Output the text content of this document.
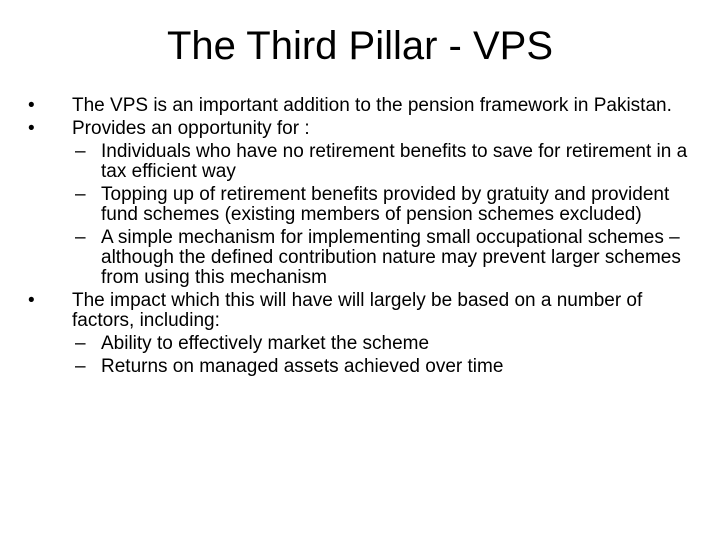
The Third Pillar - VPS
•	The VPS is an important addition to the pension framework in Pakistan.
•	Provides an opportunity for :
– Individuals who have no retirement benefits to save for retirement in a tax efficient way
– Topping up of retirement benefits provided by gratuity and provident fund schemes (existing members of pension schemes excluded)
– A simple mechanism for implementing small occupational schemes – although the defined contribution nature may prevent larger schemes from using this mechanism
•	The impact which this will have will largely be based on a number of factors, including:
– Ability to effectively market the scheme
– Returns on managed assets achieved over time
